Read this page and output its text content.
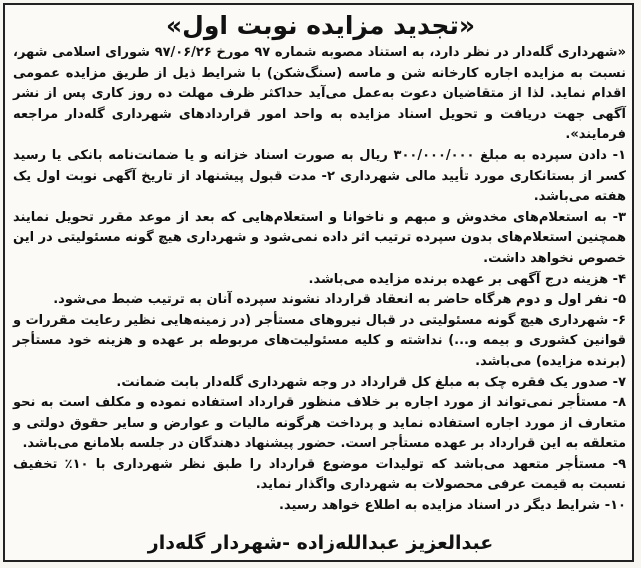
«تجدید مزایده نوبت اول»

«شهرداری گله‌دار در نظر دارد، به استناد مصوبه شماره ۹۷ مورخ ۹۷/۰۶/۲۶ شورای اسلامی شهر، نسبت به مزایده اجاره کارخانه شن و ماسه (سنگ‌شکن) با شرایط ذیل از طریق مزایده عمومی اقدام نماید. لذا از متقاضیان دعوت به‌عمل می‌آید حداکثر ظرف مهلت ده روز کاری پس از نشر آگهی جهت دریافت و تحویل اسناد مزایده به واحد امور قراردادهای شهرداری گله‌دار مراجعه فرمایند».

۱- دادن سپرده به مبلغ ۳۰۰/۰۰۰/۰۰۰ ریال به صورت اسناد خزانه و یا ضمانت‌نامه بانکی یا رسید کسر از بستانکاری مورد تأیید مالی شهرداری ۲- مدت قبول پیشنهاد از تاریخ آگهی نوبت اول یک هفته می‌باشد.

۳- به استعلام‌های مخدوش و مبهم و ناخوانا و استعلام‌هایی که بعد از موعد مقرر تحویل نمایند همچنین استعلام‌های بدون سپرده ترتیب اثر داده نمی‌شود و شهرداری هیچ گونه مسئولیتی در این خصوص نخواهد داشت.

۴- هزینه درج آگهی بر عهده برنده مزایده می‌باشد.

۵- نفر اول و دوم هرگاه حاضر به انعقاد قرارداد نشوند سپرده آنان به ترتیب ضبط می‌شود.

۶- شهرداری هیچ گونه مسئولیتی در قبال نیروهای مستأجر (در زمینه‌هایی نظیر رعایت مقررات و قوانین کشوری و بیمه و...) نداشته و کلیه مسئولیت‌های مربوطه بر عهده و هزینه خود مستأجر (برنده مزایده) می‌باشد.

۷- صدور یک فقره چک به مبلغ کل قرارداد در وجه شهرداری گله‌دار بابت ضمانت.

۸- مستأجر نمی‌تواند از مورد اجاره بر خلاف منظور قرارداد استفاده نموده و مکلف است به نحو متعارف از مورد اجاره استفاده نماید و پرداخت هرگونه مالیات و عوارض و سایر حقوق دولتی و متعلقه به این قرارداد بر عهده مستأجر است. حضور پیشنهاد دهندگان در جلسه بلامانع می‌باشد.

۹- مستأجر متعهد می‌باشد که تولیدات موضوع قرارداد را طبق نظر شهرداری با ۱۰٪ تخفیف نسبت به قیمت عرفی محصولات به شهرداری واگذار نماید.

۱۰- شرایط دیگر در اسناد مزایده به اطلاع خواهد رسید.

عبدالعزیز عبدالله‌زاده -شهردار گله‌دار
